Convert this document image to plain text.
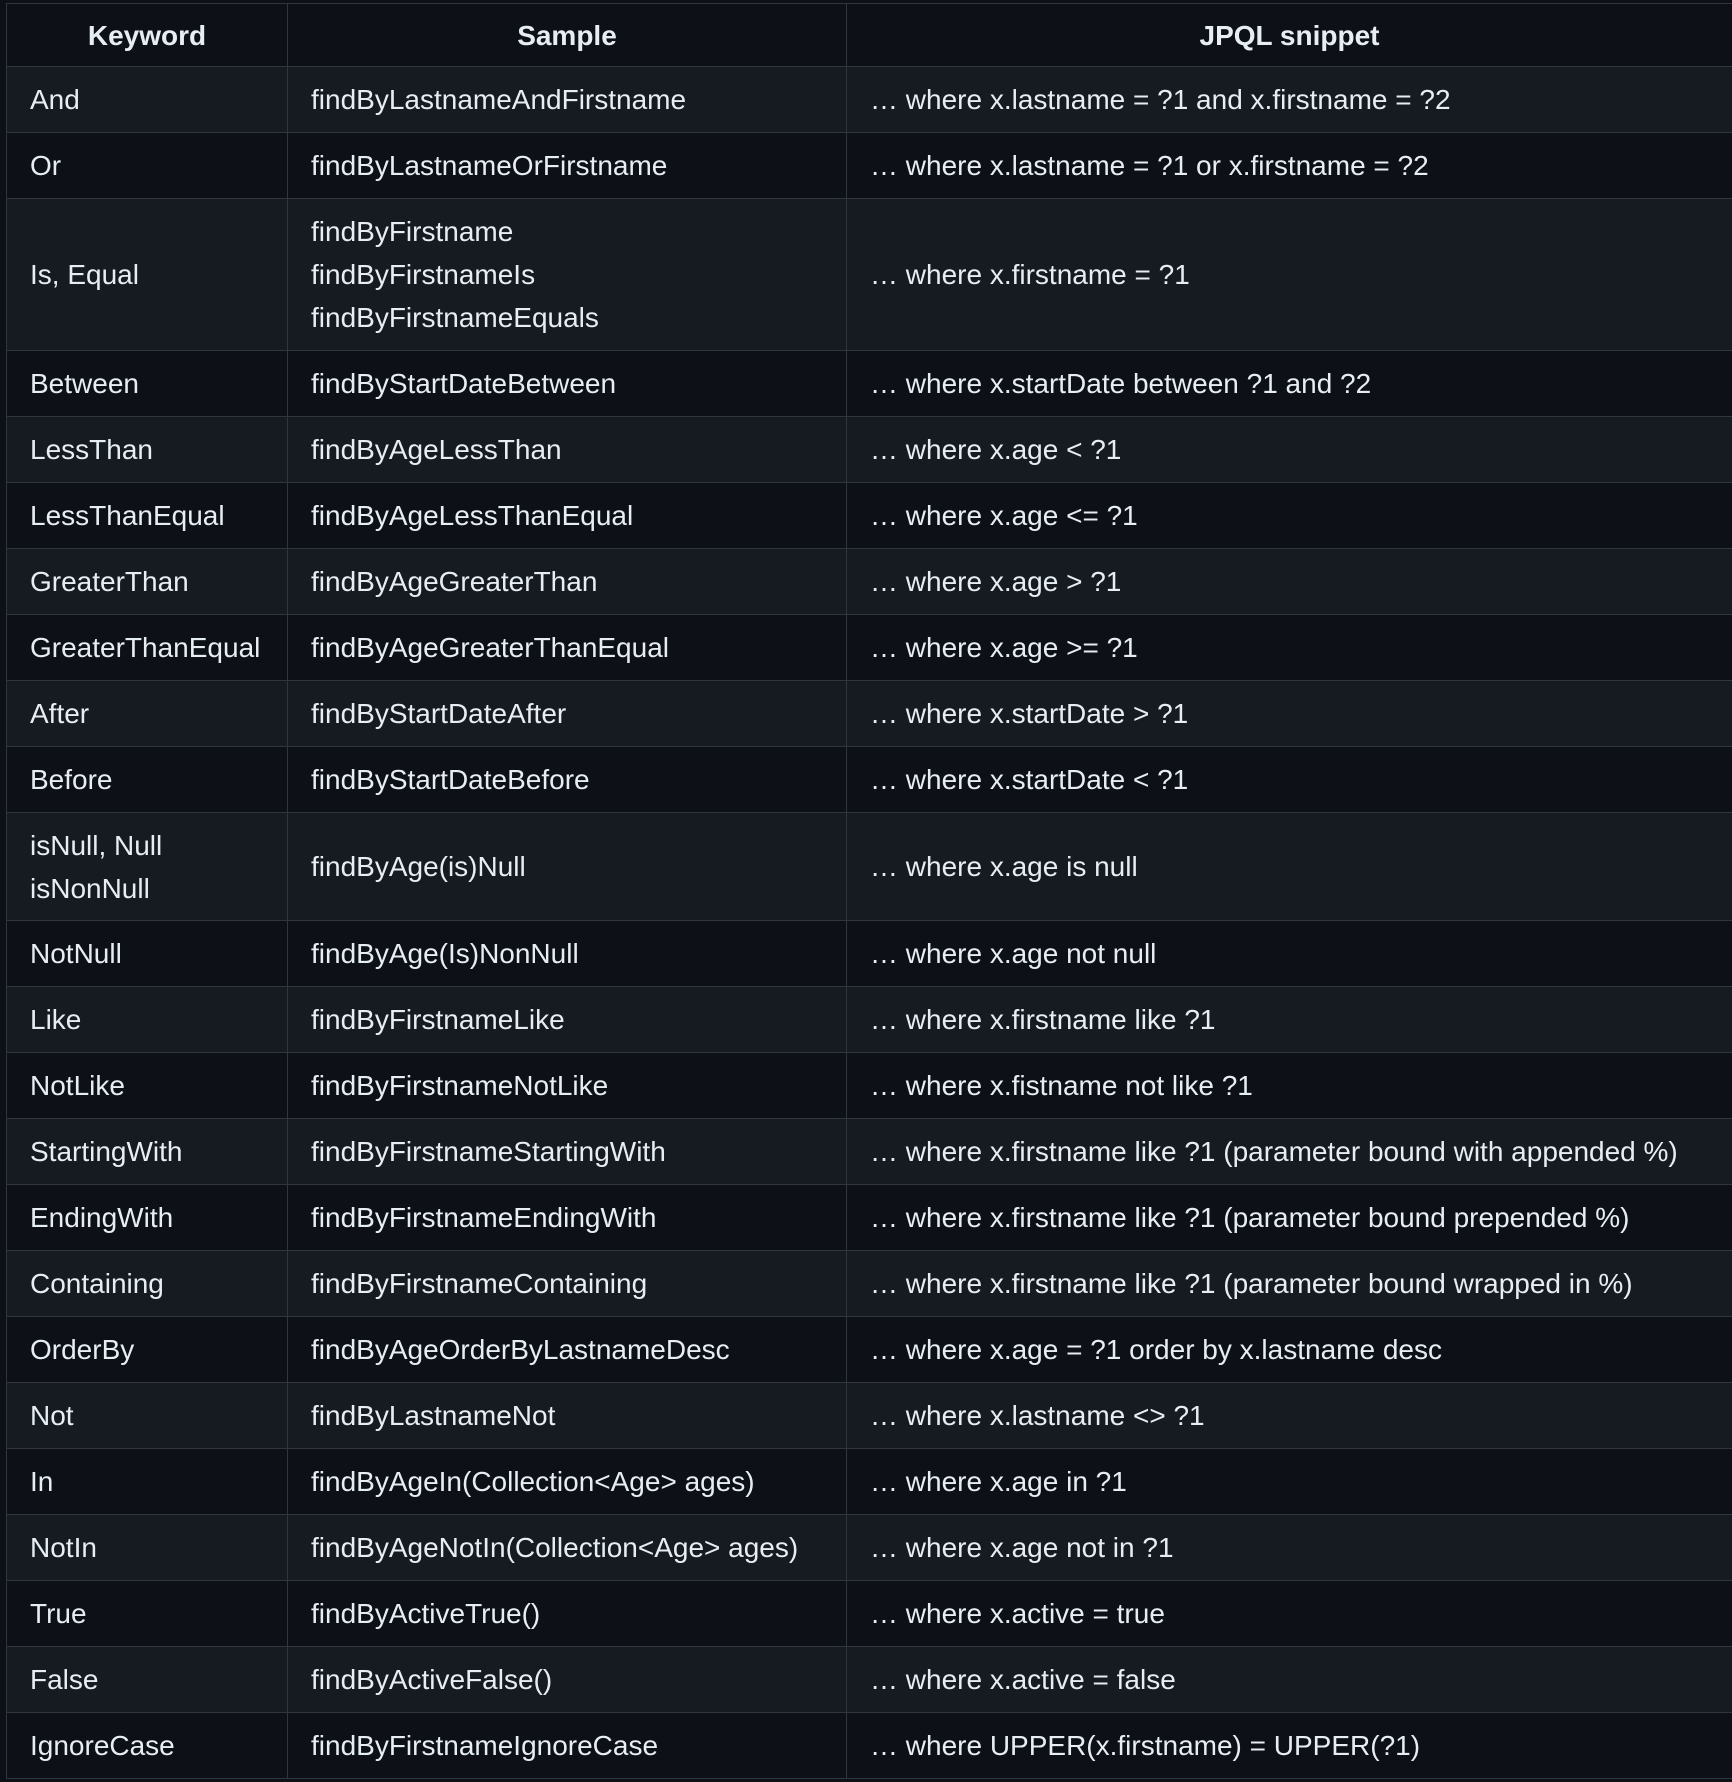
Keyword	Sample	JPQL snippet

And	findByLastnameAndFirstname	… where x.lastname = ?1 and x.firstname = ?2

Or	findByLastnameOrFirstname	… where x.lastname = ?1 or x.firstname = ?2

Is, Equal	findByFirstname
findByFirstnameIs
findByFirstnameEquals	… where x.firstname = ?1

Between	findByStartDateBetween	… where x.startDate between ?1 and ?2

LessThan	findByAgeLessThan	… where x.age < ?1

LessThanEqual	findByAgeLessThanEqual	… where x.age <= ?1

GreaterThan	findByAgeGreaterThan	… where x.age > ?1

GreaterThanEqual	findByAgeGreaterThanEqual	… where x.age >= ?1

After	findByStartDateAfter	… where x.startDate > ?1

Before	findByStartDateBefore	… where x.startDate < ?1

isNull, Null
isNonNull	findByAge(is)Null	… where x.age is null

NotNull	findByAge(Is)NonNull	… where x.age not null

Like	findByFirstnameLike	… where x.firstname like ?1

NotLike	findByFirstnameNotLike	… where x.fistname not like ?1

StartingWith	findByFirstnameStartingWith	… where x.firstname like ?1 (parameter bound with appended %)

EndingWith	findByFirstnameEndingWith	… where x.firstname like ?1 (parameter bound prepended %)

Containing	findByFirstnameContaining	… where x.firstname like ?1 (parameter bound wrapped in %)

OrderBy	findByAgeOrderByLastnameDesc	… where x.age = ?1 order by x.lastname desc

Not	findByLastnameNot	… where x.lastname <> ?1

In	findByAgeIn(Collection<Age> ages)	… where x.age in ?1

NotIn	findByAgeNotIn(Collection<Age> ages)	… where x.age not in ?1

True	findByActiveTrue()	… where x.active = true

False	findByActiveFalse()	… where x.active = false

IgnoreCase	findByFirstnameIgnoreCase	… where UPPER(x.firstname) = UPPER(?1)
